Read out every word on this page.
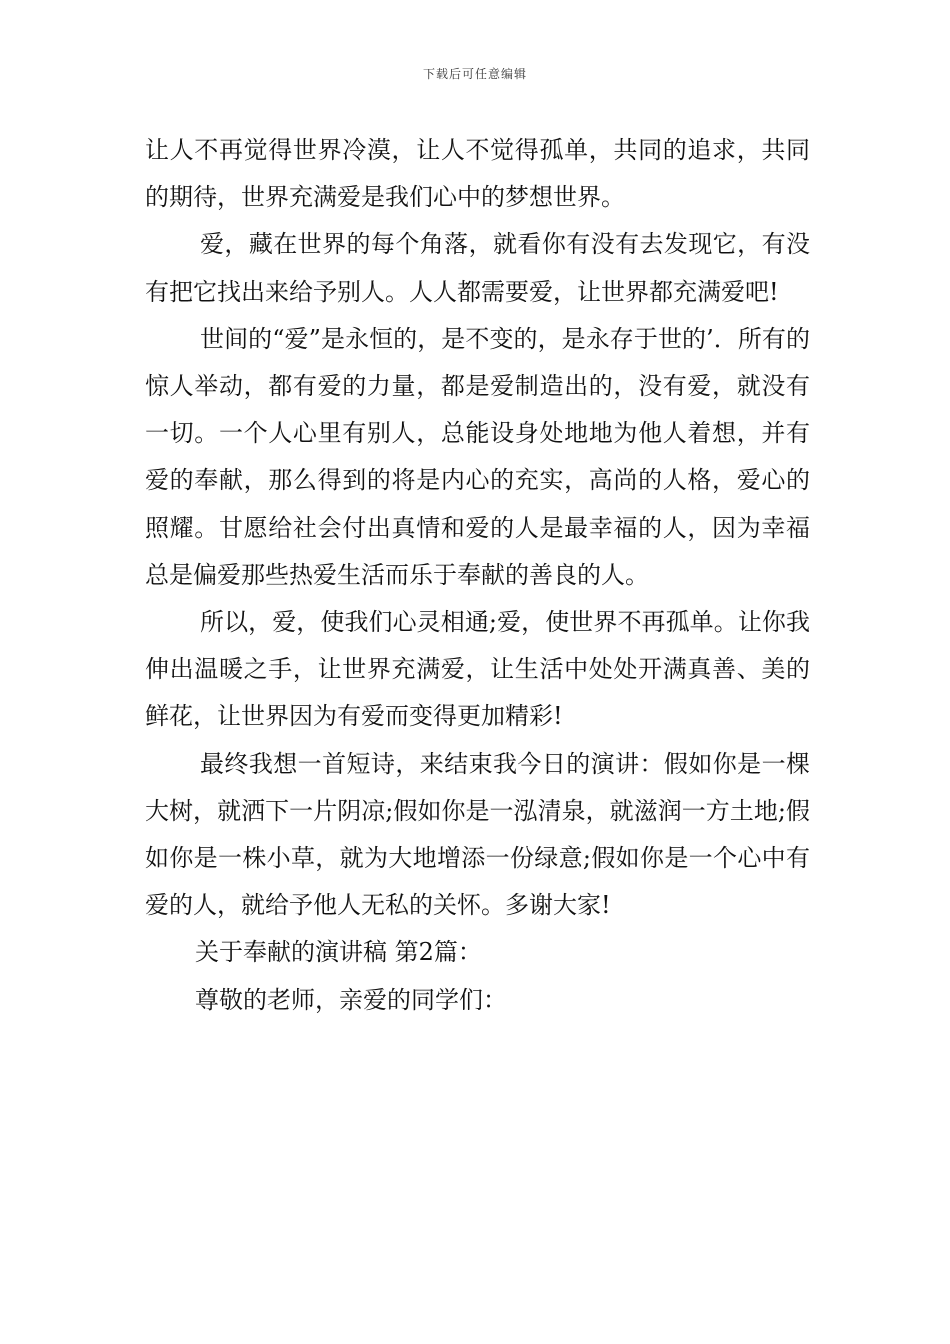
下载后可任意编辑

让人不再觉得世界冷漠，让人不觉得孤单，共同的追求，共同的期待，世界充满爱是我们心中的梦想世界。

爱，藏在世界的每个角落，就看你有没有去发现它，有没有把它找出来给予别人。人人都需要爱，让世界都充满爱吧!

世间的“爱”是永恒的，是不变的，是永存于世的’．所有的惊人举动，都有爱的力量，都是爱制造出的，没有爱，就没有一切。一个人心里有别人，总能设身处地地为他人着想，并有爱的奉献，那么得到的将是内心的充实，高尚的人格，爱心的照耀。甘愿给社会付出真情和爱的人是最幸福的人，因为幸福总是偏爱那些热爱生活而乐于奉献的善良的人。

所以，爱，使我们心灵相通;爱，使世界不再孤单。让你我伸出温暖之手，让世界充满爱，让生活中处处开满真善、美的鲜花，让世界因为有爱而变得更加精彩!

最终我想一首短诗，来结束我今日的演讲：假如你是一棵大树，就洒下一片阴凉;假如你是一泓清泉，就滋润一方土地;假如你是一株小草，就为大地增添一份绿意;假如你是一个心中有爱的人，就给予他人无私的关怀。多谢大家!

关于奉献的演讲稿 第2篇：

尊敬的老师，亲爱的同学们：
